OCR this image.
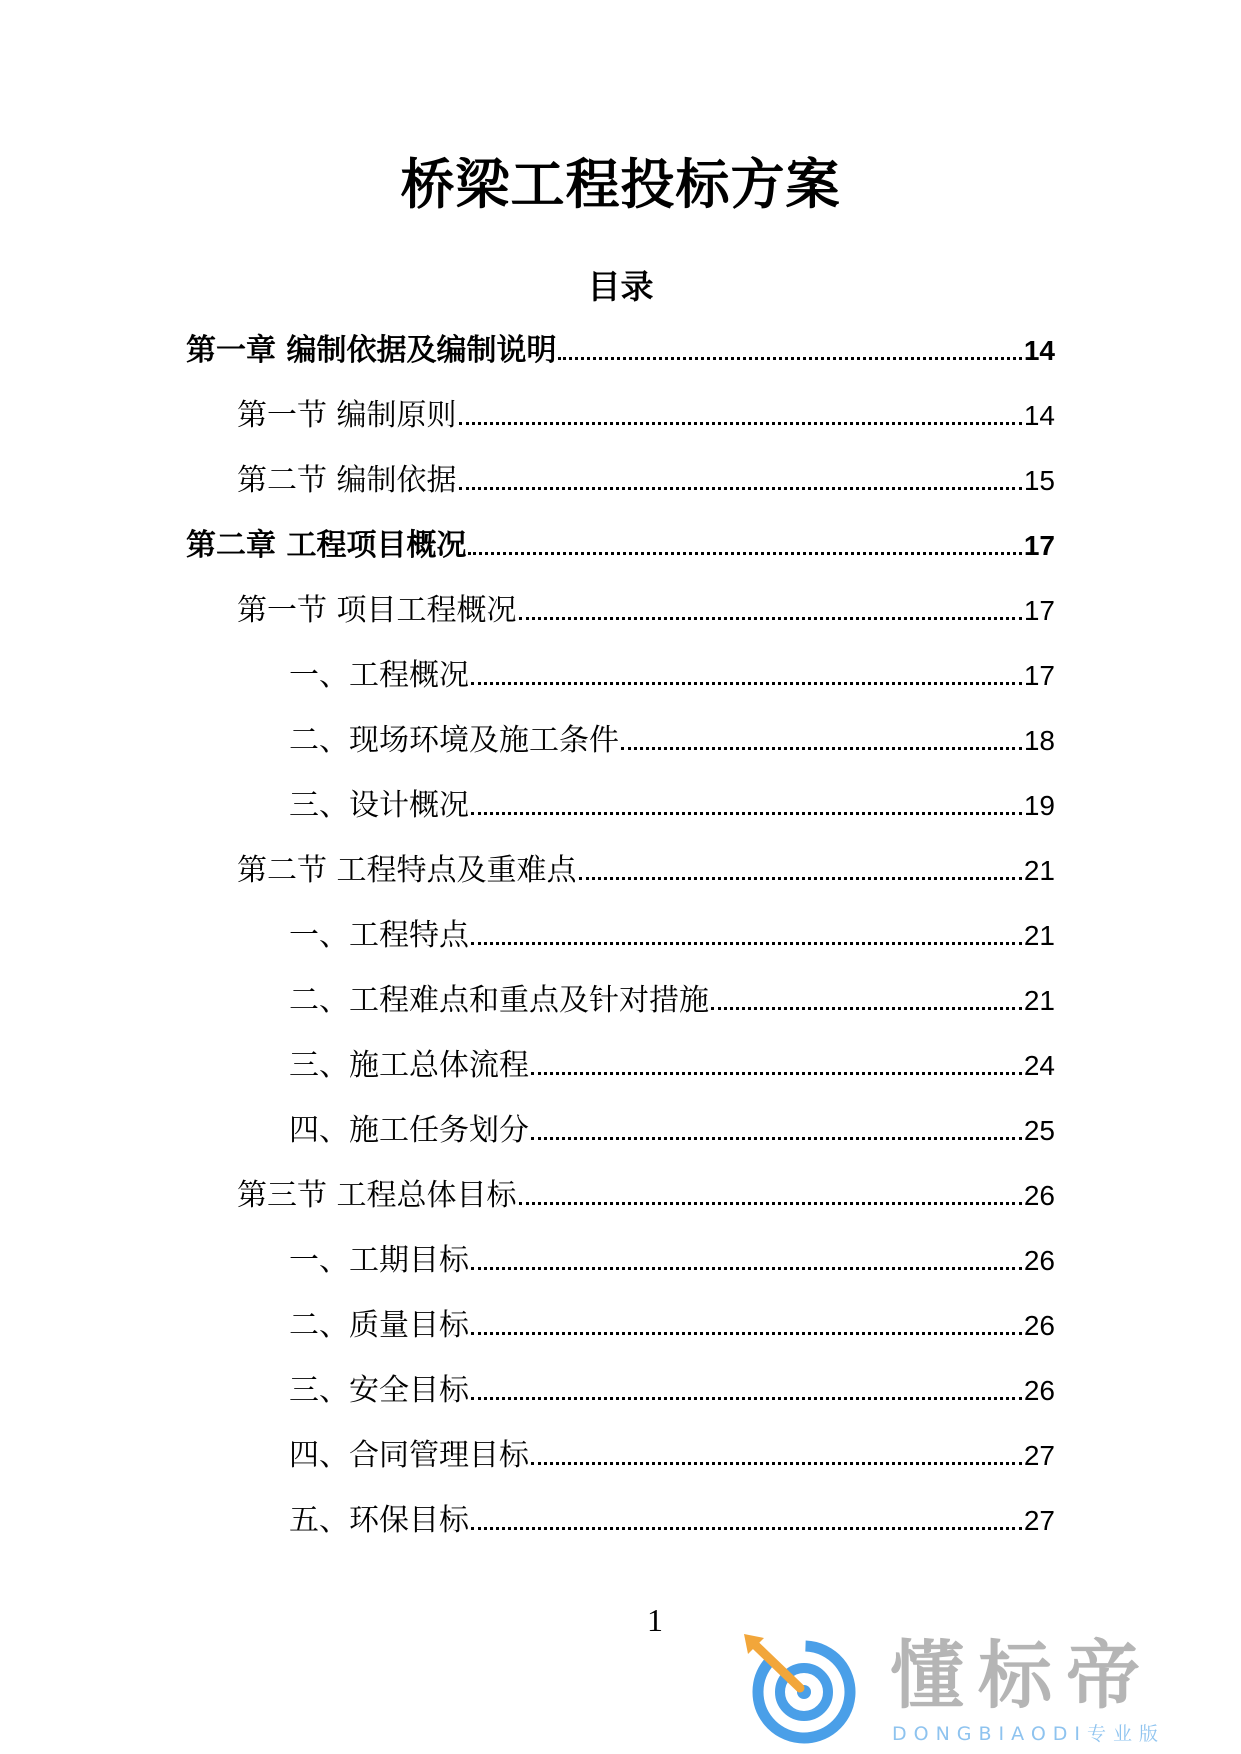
桥梁工程投标方案
目录
第一章 编制依据及编制说明	14
第一节 编制原则	14
第二节 编制依据	15
第二章 工程项目概况	17
第一节 项目工程概况	17
一、工程概况	17
二、现场环境及施工条件	18
三、设计概况	19
第二节 工程特点及重难点	21
一、工程特点	21
二、工程难点和重点及针对措施	21
三、施工总体流程	24
四、施工任务划分	25
第三节 工程总体目标	26
一、工期目标	26
二、质量目标	26
三、安全目标	26
四、合同管理目标	27
五、环保目标	27
1
懂标帝
DONGBIAODI专业版
